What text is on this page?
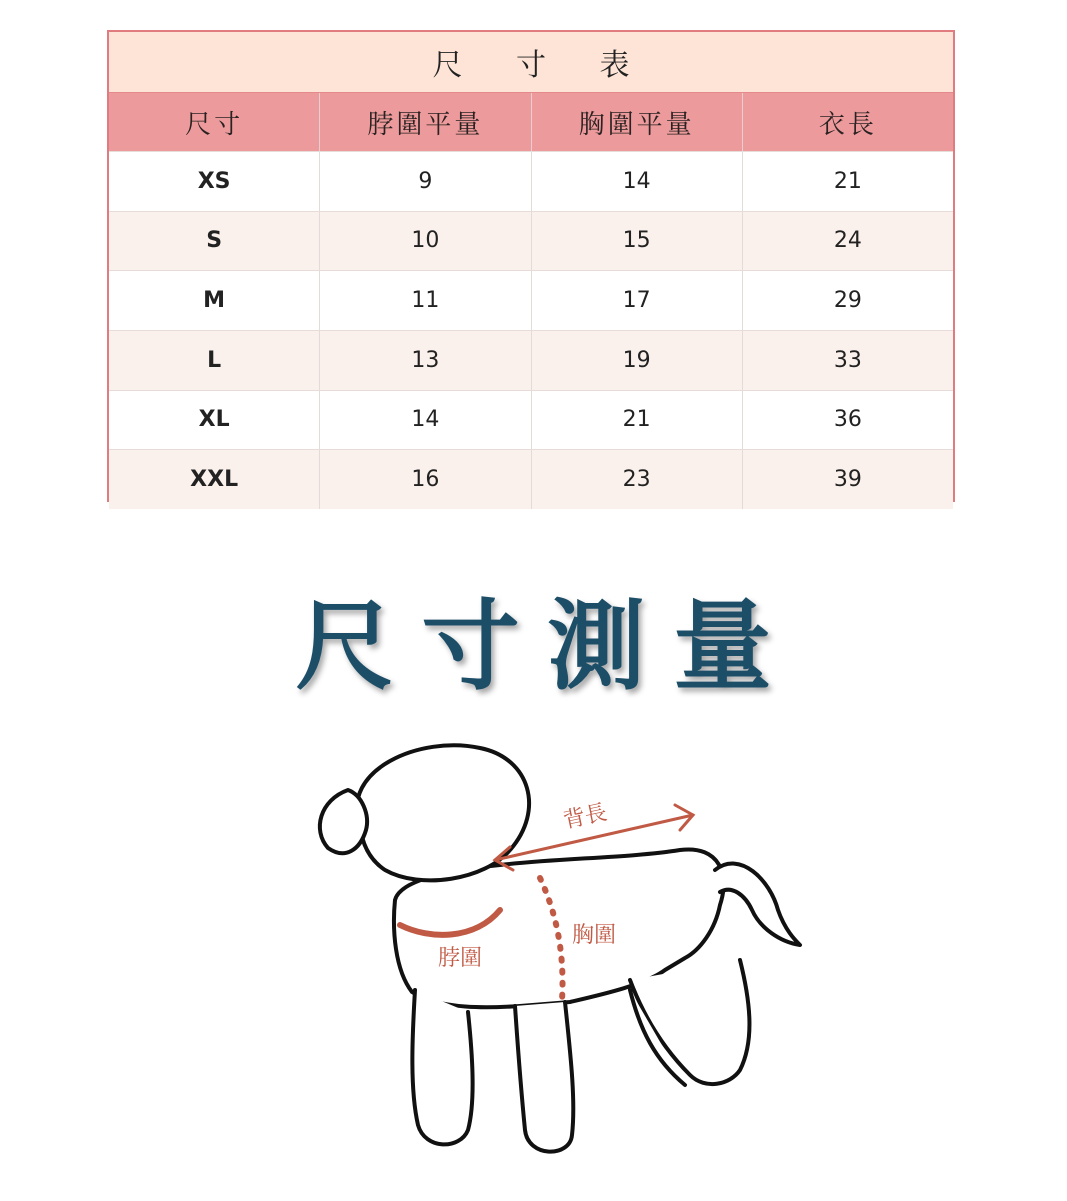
尺 寸 表
尺寸	脖圍平量	胸圍平量	衣長
XS	9	14	21
S	10	15	24
M	11	17	29
L	13	19	33
XL	14	21	36
XXL	16	23	39
尺寸測量
背長
脖圍
胸圍
